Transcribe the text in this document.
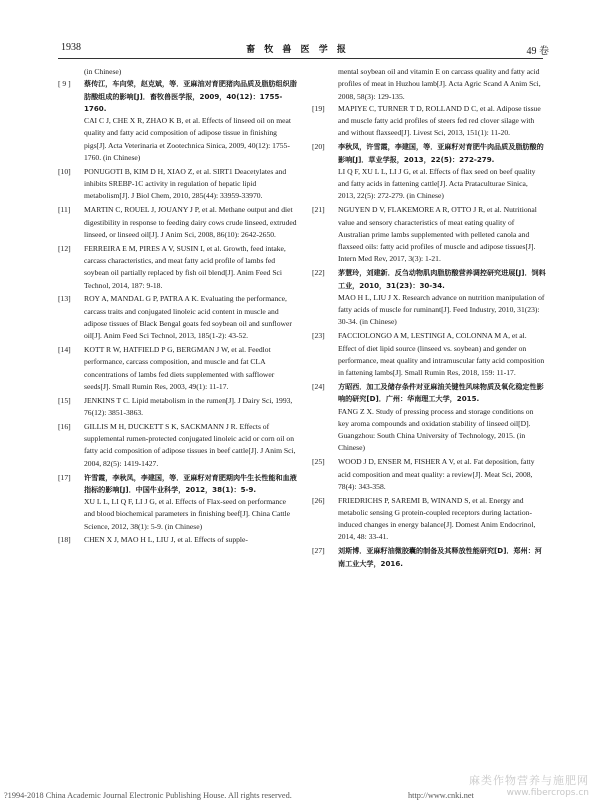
1938	畜 牧 兽 医 学 报	49 卷
(in Chinese)
[ 9 ]	蔡传江，车向荣，赵克斌，等．亚麻油对育肥猪肉品质及脂肪组织脂肪酸组成的影响[J]．畜牧兽医学报，2009，40(12)：1755-1760.
CAI C J, CHE X R, ZHAO K B, et al. Effects of linseed oil on meat quality and fatty acid composition of adipose tissue in finishing pigs[J]. Acta Veterinaria et Zootechnica Sinica, 2009, 40(12): 1755-1760. (in Chinese)
[10]	PONUGOTI B, KIM D H, XIAO Z, et al. SIRT1 Deacetylates and inhibits SREBP-1C activity in regulation of hepatic lipid metabolism[J]. J Biol Chem, 2010, 285(44): 33959-33970.
[11]	MARTIN C, ROUEL J, JOUANY J P, et al. Methane output and diet digestibility in response to feeding dairy cows crude linseed, extruded linseed, or linseed oil[J]. J Anim Sci, 2008, 86(10): 2642-2650.
[12]	FERREIRA E M, PIRES A V, SUSIN I, et al. Growth, feed intake, carcass characteristics, and meat fatty acid profile of lambs fed soybean oil partially replaced by fish oil blend[J]. Anim Feed Sci Technol, 2014, 187: 9-18.
[13]	ROY A, MANDAL G P, PATRA A K. Evaluating the performance, carcass traits and conjugated linoleic acid content in muscle and adipose tissues of Black Bengal goats fed soybean oil and sunflower oil[J]. Anim Feed Sci Technol, 2013, 185(1-2): 43-52.
[14]	KOTT R W, HATFIELD P G, BERGMAN J W, et al. Feedlot performance, carcass composition, and muscle and fat CLA concentrations of lambs fed diets supplemented with safflower seeds[J]. Small Rumin Res, 2003, 49(1): 11-17.
[15]	JENKINS T C. Lipid metabolism in the rumen[J]. J Dairy Sci, 1993, 76(12): 3851-3863.
[16]	GILLIS M H, DUCKETT S K, SACKMANN J R. Effects of supplemental rumen-protected conjugated linoleic acid or corn oil on fatty acid composition of adipose tissues in beef cattle[J]. J Anim Sci, 2004, 82(5): 1419-1427.
[17]	许雪霞，李秋凤，李建国，等．亚麻籽对育肥期肉牛生长性能和血液指标的影响[J]．中国牛业科学，2012，38(1)：5-9.
XU L L, LI Q F, LI J G, et al. Effects of Flax-seed on performance and blood biochemical parameters in finishing beef[J]. China Cattle Science, 2012, 38(1): 5-9. (in Chinese)
[18]	CHEN X J, MAO H L, LIU J, et al. Effects of supple-
mental soybean oil and vitamin E on carcass quality and fatty acid profiles of meat in Huzhou lamb[J]. Acta Agric Scand A Anim Sci, 2008, 58(3): 129-135.
[19]	MAPIYE C, TURNER T D, ROLLAND D C, et al. Adipose tissue and muscle fatty acid profiles of steers fed red clover silage with and without flaxseed[J]. Livest Sci, 2013, 151(1): 11-20.
[20]	李秋凤，许雪霞，李建国，等．亚麻籽对育肥牛肉品质及脂肪酸的影响[J]．草业学报，2013，22(5)：272-279.
LI Q F, XU L L, LI J G, et al. Effects of flax seed on beef quality and fatty acids in fattening cattle[J]. Acta Prataculturae Sinica, 2013, 22(5): 272-279. (in Chinese)
[21]	NGUYEN D V, FLAKEMORE A R, OTTO J R, et al. Nutritional value and sensory characteristics of meat eating quality of Australian prime lambs supplemented with pelleted canola and flaxseed oils: fatty acid profiles of muscle and adipose tissues[J]. Intern Med Rev, 2017, 3(3): 1-21.
[22]	茅慧玲，刘建新．反刍动物肌肉脂肪酸营养调控研究进展[J]．饲料工业，2010，31(23)：30-34.
MAO H L, LIU J X. Research advance on nutrition manipulation of fatty acids of muscle for ruminant[J]. Feed Industry, 2010, 31(23): 30-34. (in Chinese)
[23]	FACCIOLONGO A M, LESTINGI A, COLONNA M A, et al. Effect of diet lipid source (linseed vs. soybean) and gender on performance, meat quality and intramuscular fatty acid composition in fattening lambs[J]. Small Rumin Res, 2018, 159: 11-17.
[24]	方昭西．加工及储存条件对亚麻油关键性风味物质及氧化稳定性影响的研究[D]．广州：华南理工大学，2015.
FANG Z X. Study of pressing process and storage conditions on key aroma compounds and oxidation stability of linseed oil[D]. Guangzhou: South China University of Technology, 2015. (in Chinese)
[25]	WOOD J D, ENSER M, FISHER A V, et al. Fat deposition, fatty acid composition and meat quality: a review[J]. Meat Sci, 2008, 78(4): 343-358.
[26]	FRIEDRICHS P, SAREMI B, WINAND S, et al. Energy and metabolic sensing G protein-coupled receptors during lactation-induced changes in energy balance[J]. Domest Anim Endocrinol, 2014, 48: 33-41.
[27]	刘斯博．亚麻籽油微胶囊的制备及其释放性能研究[D]．郑州：河南工业大学，2016.
?1994-2018 China Academic Journal Electronic Publishing House. All rights reserved.	http://www.cnki.net
麻类作物营养与施肥网
www.fibercrops.cn
